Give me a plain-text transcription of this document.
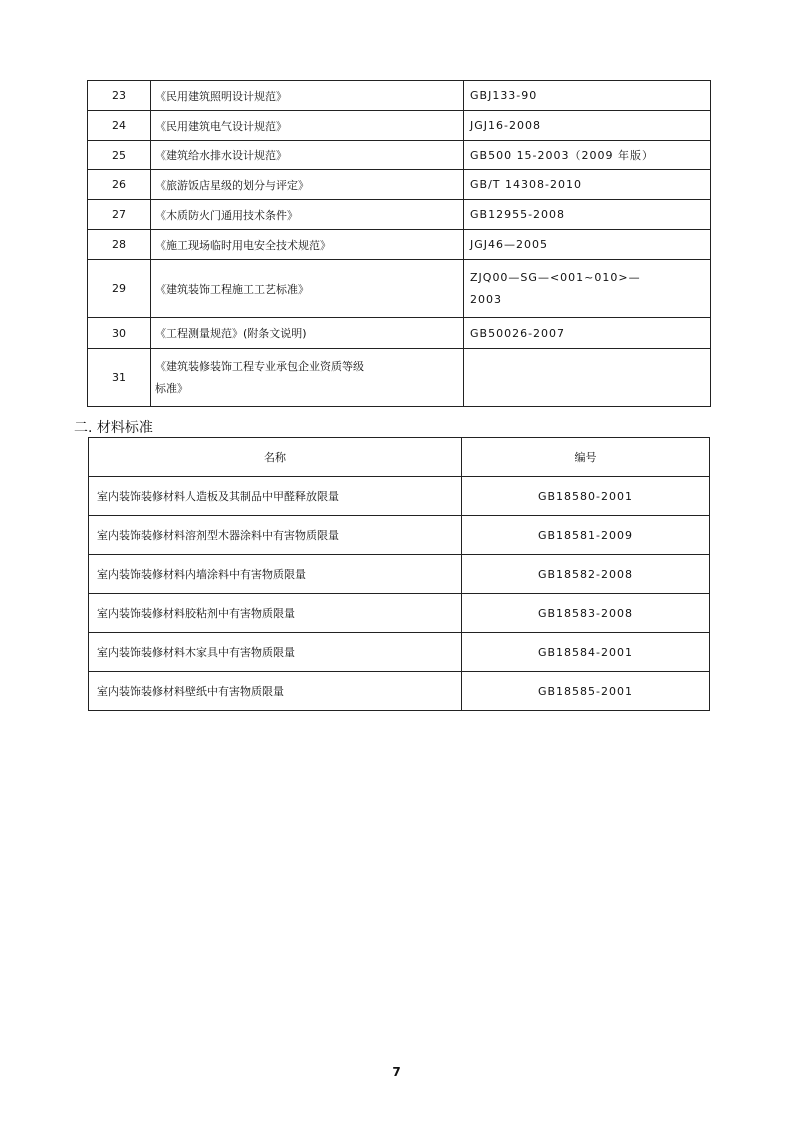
23	《民用建筑照明设计规范》	GBJ133-90
24	《民用建筑电气设计规范》	JGJ16-2008
25	《建筑给水排水设计规范》	GB500 15-2003（2009 年版）
26	《旅游饭店星级的划分与评定》	GB/T 14308-2010
27	《木质防火门通用技术条件》	GB12955-2008
28	《施工现场临时用电安全技术规范》	JGJ46—2005
29	《建筑装饰工程施工工艺标准》	ZJQ00—SG—<001~010>—
2003

30	《工程测量规范》(附条文说明)	GB50026-2007
31	《建筑装修装饰工程专业承包企业资质等级
标准》	

二. 材料标准
名称	编号
室内装饰装修材料人造板及其制品中甲醛释放限量	GB18580-2001
室内装饰装修材料溶剂型木器涂料中有害物质限量	GB18581-2009
室内装饰装修材料内墙涂料中有害物质限量	GB18582-2008
室内装饰装修材料胶粘剂中有害物质限量	GB18583-2008
室内装饰装修材料木家具中有害物质限量	GB18584-2001
室内装饰装修材料壁纸中有害物质限量	GB18585-2001
7
